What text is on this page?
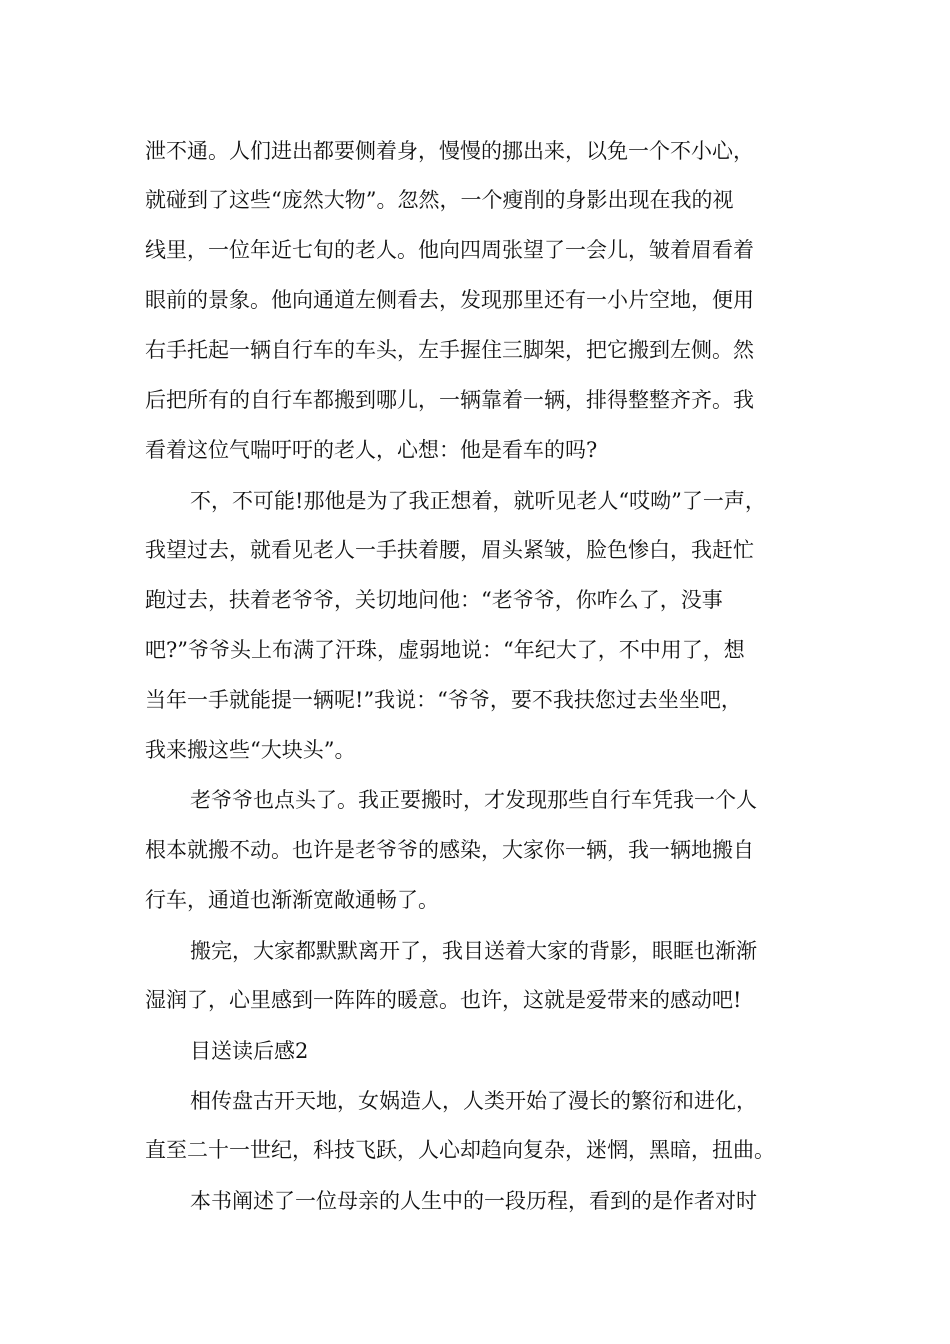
泄不通。人们进出都要侧着身，慢慢的挪出来，以免一个不小心，
就碰到了这些“庞然大物”。忽然，一个瘦削的身影出现在我的视
线里，一位年近七旬的老人。他向四周张望了一会儿，皱着眉看着
眼前的景象。他向通道左侧看去，发现那里还有一小片空地，便用
右手托起一辆自行车的车头，左手握住三脚架，把它搬到左侧。然
后把所有的自行车都搬到哪儿，一辆靠着一辆，排得整整齐齐。我
看着这位气喘吁吁的老人，心想：他是看车的吗?
不，不可能!那他是为了我正想着，就听见老人“哎呦”了一声，
我望过去，就看见老人一手扶着腰，眉头紧皱，脸色惨白，我赶忙
跑过去，扶着老爷爷，关切地问他：“老爷爷，你咋么了，没事
吧?”爷爷头上布满了汗珠，虚弱地说：“年纪大了，不中用了，想
当年一手就能提一辆呢!”我说：“爷爷，要不我扶您过去坐坐吧，
我来搬这些“大块头”。
老爷爷也点头了。我正要搬时，才发现那些自行车凭我一个人
根本就搬不动。也许是老爷爷的感染，大家你一辆，我一辆地搬自
行车，通道也渐渐宽敞通畅了。
搬完，大家都默默离开了，我目送着大家的背影，眼眶也渐渐
湿润了，心里感到一阵阵的暖意。也许，这就是爱带来的感动吧!
目送读后感2
相传盘古开天地，女娲造人，人类开始了漫长的繁衍和进化，
直至二十一世纪，科技飞跃，人心却趋向复杂，迷惘，黑暗，扭曲。
本书阐述了一位母亲的人生中的一段历程，看到的是作者对时
